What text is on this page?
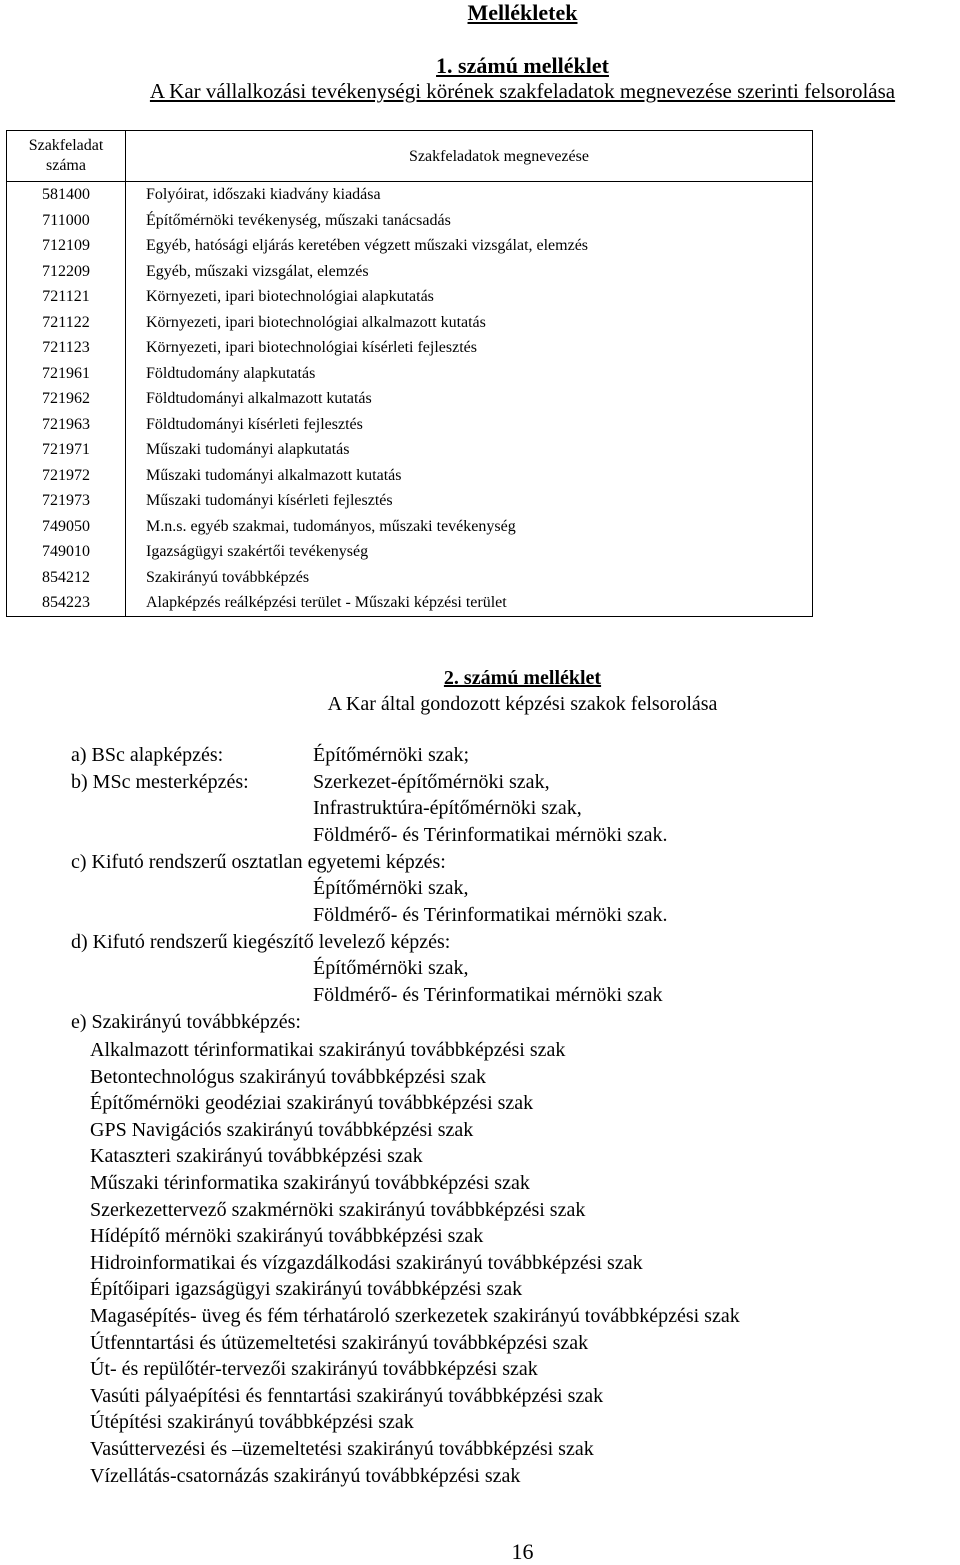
Mellékletek
1. számú melléklet
A Kar vállalkozási tevékenységi körének szakfeladatok megnevezése szerinti felsorolása
Szakfeladat száma	Szakfeladatok megnevezése
581400	Folyóirat, időszaki kiadvány kiadása
711000	Építőmérnöki tevékenység, műszaki tanácsadás
712109	Egyéb, hatósági eljárás keretében végzett műszaki vizsgálat, elemzés
712209	Egyéb, műszaki vizsgálat, elemzés
721121	Környezeti, ipari biotechnológiai alapkutatás
721122	Környezeti, ipari biotechnológiai alkalmazott kutatás
721123	Környezeti, ipari biotechnológiai kísérleti fejlesztés
721961	Földtudomány alapkutatás
721962	Földtudományi alkalmazott kutatás
721963	Földtudományi kísérleti fejlesztés
721971	Műszaki tudományi alapkutatás
721972	Műszaki tudományi alkalmazott kutatás
721973	Műszaki tudományi kísérleti fejlesztés
749050	M.n.s. egyéb szakmai, tudományos, műszaki tevékenység
749010	Igazságügyi szakértői tevékenység
854212	Szakirányú továbbképzés
854223	Alapképzés reálképzési terület - Műszaki képzési terület
2. számú melléklet
A Kar által gondozott képzési szakok felsorolása
a) BSc alapképzés:	Építőmérnöki szak;
b) MSc mesterképzés:	Szerkezet-építőmérnöki szak,
Infrastruktúra-építőmérnöki szak,
Földmérő- és Térinformatikai mérnöki szak.
c) Kifutó rendszerű osztatlan egyetemi képzés:
Építőmérnöki szak,
Földmérő- és Térinformatikai mérnöki szak.
d) Kifutó rendszerű kiegészítő levelező képzés:
Építőmérnöki szak,
Földmérő- és Térinformatikai mérnöki szak
e) Szakirányú továbbképzés:
Alkalmazott térinformatikai szakirányú továbbképzési szak
Betontechnológus szakirányú továbbképzési szak
Építőmérnöki geodéziai szakirányú továbbképzési szak
GPS Navigációs szakirányú továbbképzési szak
Kataszteri szakirányú továbbképzési szak
Műszaki térinformatika szakirányú továbbképzési szak
Szerkezettervező szakmérnöki szakirányú továbbképzési szak
Hídépítő mérnöki szakirányú továbbképzési szak
Hidroinformatikai és vízgazdálkodási szakirányú továbbképzési szak
Építőipari igazságügyi szakirányú továbbképzési szak
Magasépítés- üveg és fém térhatároló szerkezetek szakirányú továbbképzési szak
Útfenntartási és útüzemeltetési szakirányú továbbképzési szak
Út- és repülőtér-tervezői szakirányú továbbképzési szak
Vasúti pályaépítési és fenntartási szakirányú továbbképzési szak
Útépítési szakirányú továbbképzési szak
Vasúttervezési és –üzemeltetési szakirányú továbbképzési szak
Vízellátás-csatornázás szakirányú továbbképzési szak
16
